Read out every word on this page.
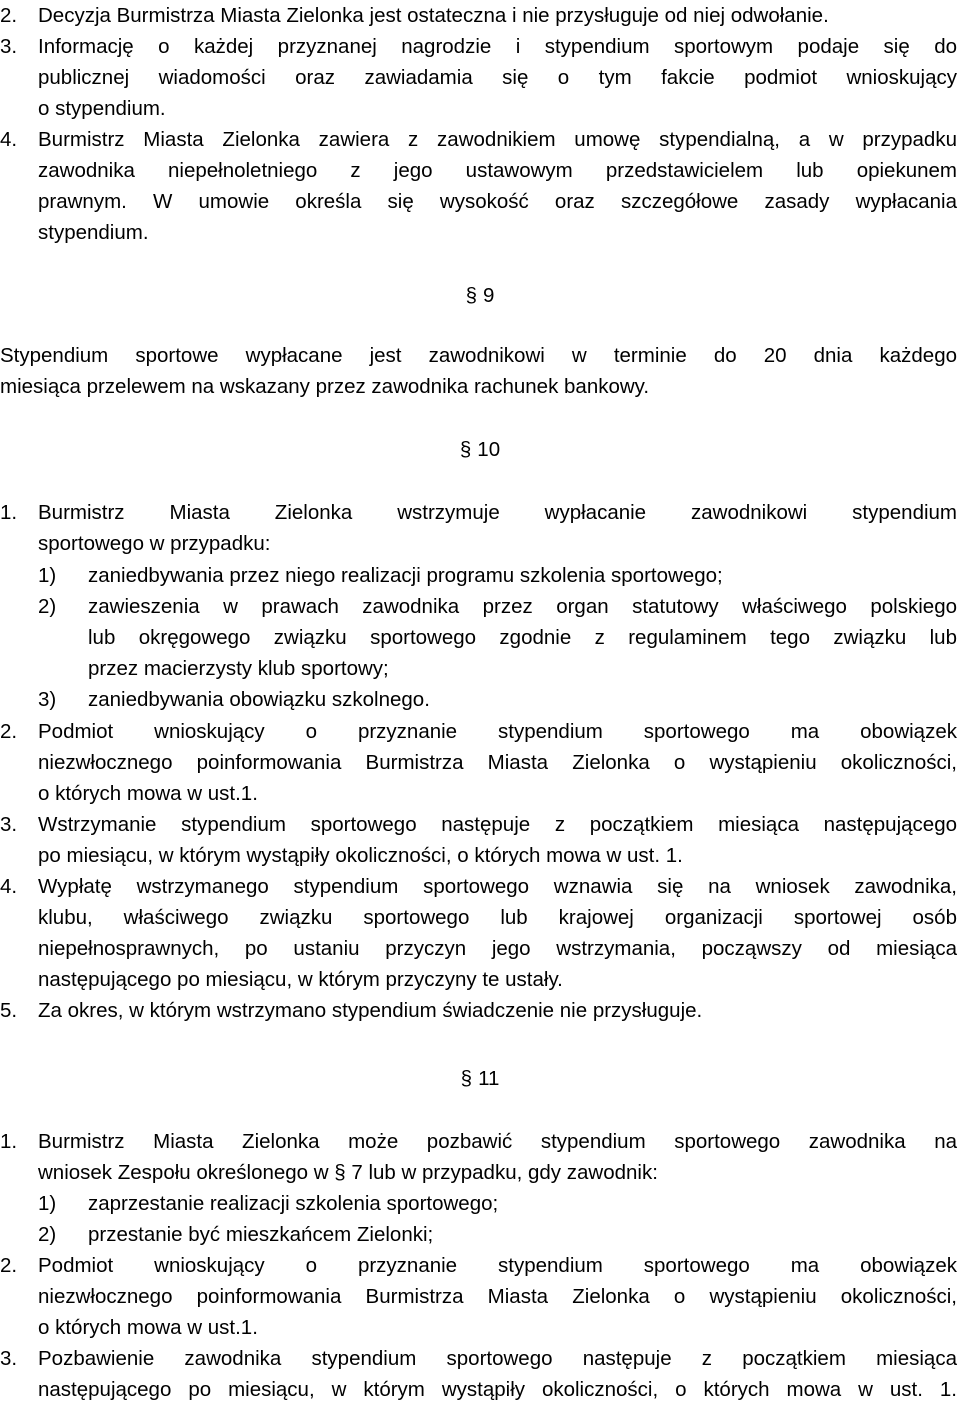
2. Decyzja Burmistrza Miasta Zielonka jest ostateczna i nie przysługuje od niej odwołanie.
3. Informację o każdej przyznanej nagrodzie i stypendium sportowym podaje się do
publicznej wiadomości oraz zawiadamia się o tym fakcie podmiot wnioskujący
o stypendium.
4. Burmistrz Miasta Zielonka zawiera z zawodnikiem umowę stypendialną, a w przypadku
zawodnika niepełnoletniego z jego ustawowym przedstawicielem lub opiekunem
prawnym. W umowie określa się wysokość oraz szczegółowe zasady wypłacania
stypendium.
§ 9
Stypendium sportowe wypłacane jest zawodnikowi w terminie do 20 dnia każdego
miesiąca przelewem na wskazany przez zawodnika rachunek bankowy.
§ 10
1. Burmistrz Miasta Zielonka wstrzymuje wypłacanie zawodnikowi stypendium
sportowego w przypadku:
1) zaniedbywania przez niego realizacji programu szkolenia sportowego;
2) zawieszenia w prawach zawodnika przez organ statutowy właściwego polskiego
lub okręgowego związku sportowego zgodnie z regulaminem tego związku lub
przez macierzysty klub sportowy;
3) zaniedbywania obowiązku szkolnego.
2. Podmiot wnioskujący o przyznanie stypendium sportowego ma obowiązek
niezwłocznego poinformowania Burmistrza Miasta Zielonka o wystąpieniu okoliczności,
o których mowa w ust.1.
3. Wstrzymanie stypendium sportowego następuje z początkiem miesiąca następującego
po miesiącu, w którym wystąpiły okoliczności, o których mowa w ust. 1.
4. Wypłatę wstrzymanego stypendium sportowego wznawia się na wniosek zawodnika,
klubu, właściwego związku sportowego lub krajowej organizacji sportowej osób
niepełnosprawnych, po ustaniu przyczyn jego wstrzymania, począwszy od miesiąca
następującego po miesiącu, w którym przyczyny te ustały.
5. Za okres, w którym wstrzymano stypendium świadczenie nie przysługuje.
§ 11
1. Burmistrz Miasta Zielonka może pozbawić stypendium sportowego zawodnika na
wniosek Zespołu określonego w § 7 lub w przypadku, gdy zawodnik:
1) zaprzestanie realizacji szkolenia sportowego;
2) przestanie być mieszkańcem Zielonki;
2. Podmiot wnioskujący o przyznanie stypendium sportowego ma obowiązek
niezwłocznego poinformowania Burmistrza Miasta Zielonka o wystąpieniu okoliczności,
o których mowa w ust.1.
3. Pozbawienie zawodnika stypendium sportowego następuje z początkiem miesiąca
następującego po miesiącu, w którym wystąpiły okoliczności, o których mowa w ust. 1.
